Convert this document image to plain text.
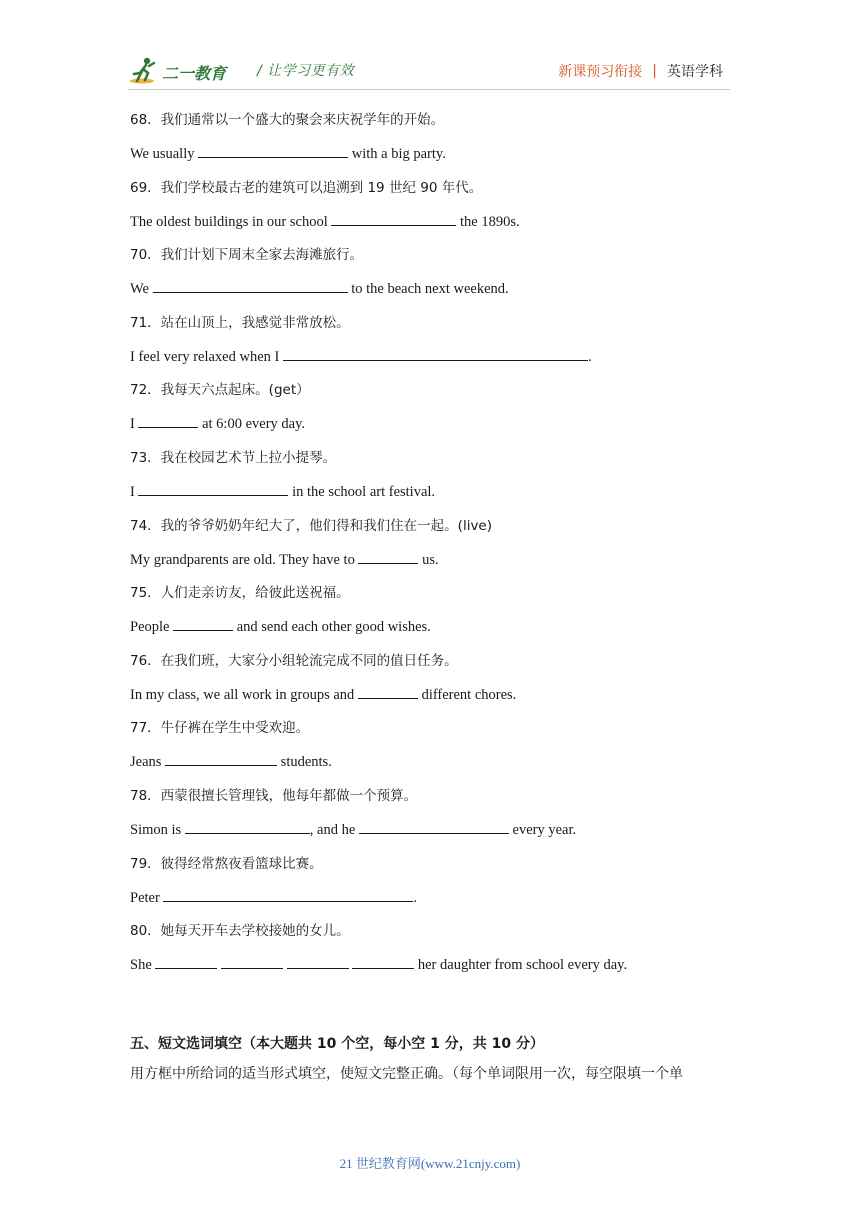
二一教育 / 让学习更有效	新课预习衔接 | 英语学科
68．我们通常以一个盛大的聚会来庆祝学年的开始。
We usually	with a big party.
69．我们学校最古老的建筑可以追溯到 19 世纪 90 年代。
The oldest buildings in our school	the 1890s.
70．我们计划下周末全家去海滩旅行。
We	to the beach next weekend.
71．站在山顶上，我感觉非常放松。
I feel very relaxed when I	.
72．我每天六点起床。(get）
I	at 6:00 every day.
73．我在校园艺术节上拉小提琴。
I	in the school art festival.
74．我的爷爷奶奶年纪大了，他们得和我们住在一起。(live)
My grandparents are old. They have to	us.
75．人们走亲访友，给彼此送祝福。
People	and send each other good wishes.
76．在我们班，大家分小组轮流完成不同的值日任务。
In my class, we all work in groups and	different chores.
77．牛仔裤在学生中受欢迎。
Jeans	students.
78．西蒙很擅长管理钱，他每年都做一个预算。
Simon is	, and he	every year.
79．彼得经常熬夜看篮球比赛。
Peter	.
80．她每天开车去学校接她的女儿。
She	her daughter from school every day.
五、短文选词填空（本大题共 10 个空，每小空 1 分，共 10 分）
用方框中所给词的适当形式填空，使短文完整正确。（每个单词限用一次，每空限填一个单
21 世纪教育网(www.21cnjy.com)
